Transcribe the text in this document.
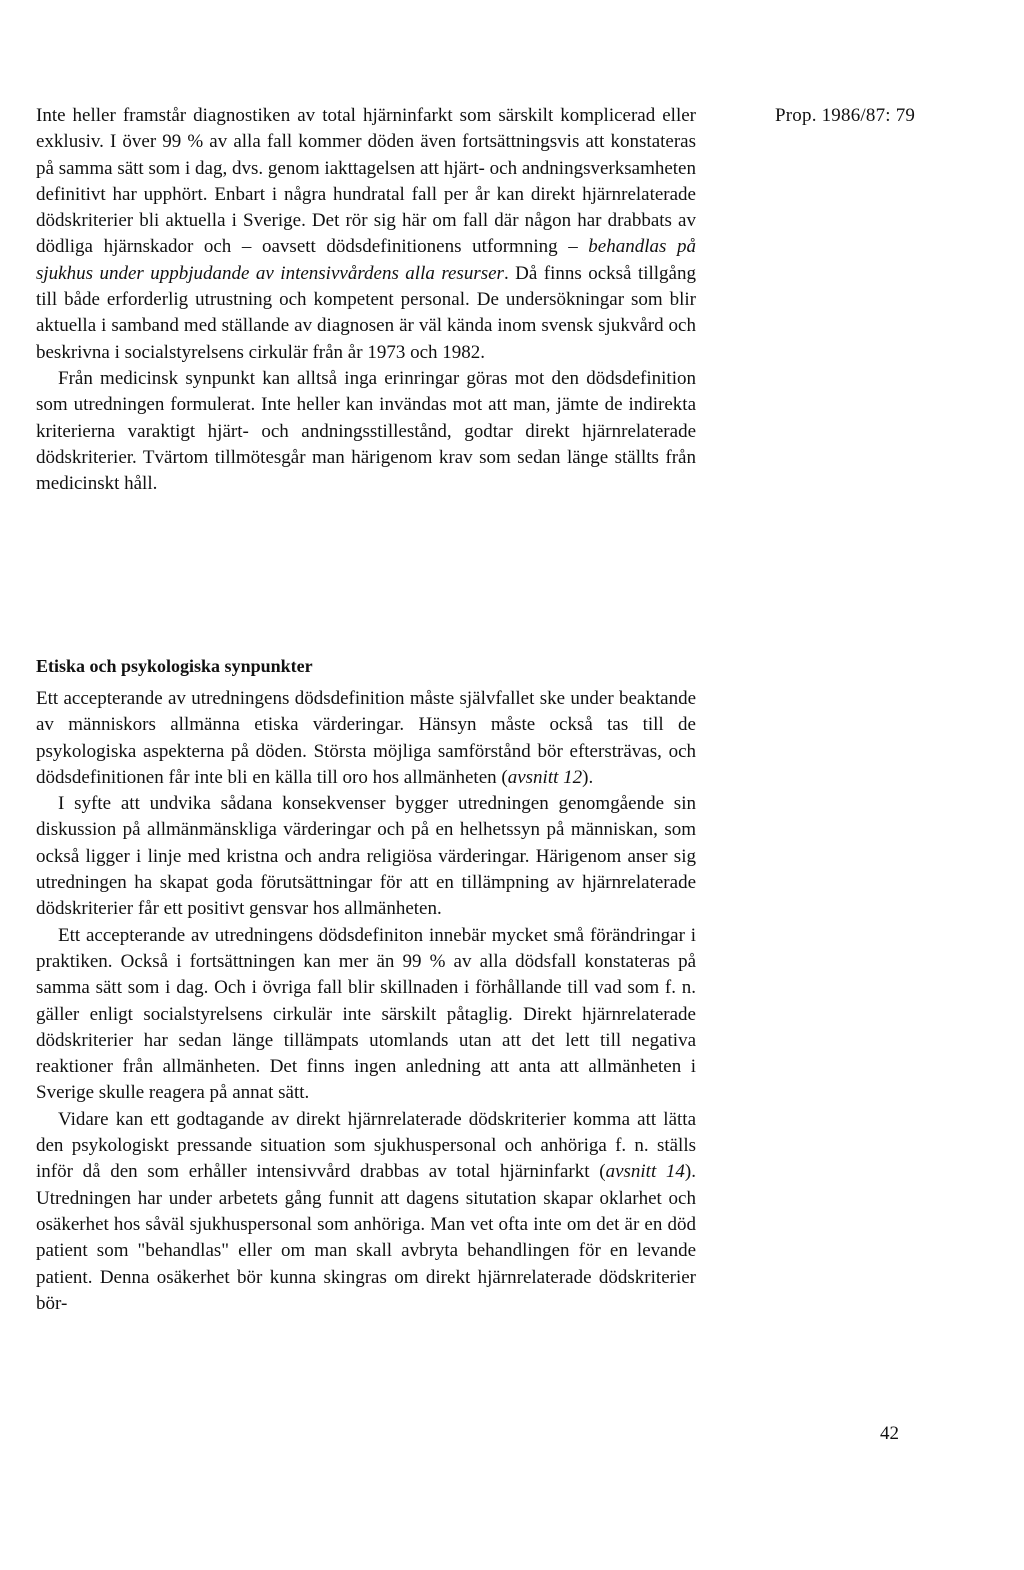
Prop. 1986/87: 79

Inte heller framstår diagnostiken av total hjärninfarkt som särskilt komplicerad eller exklusiv. I över 99 % av alla fall kommer döden även fortsättningsvis att konstateras på samma sätt som i dag, dvs. genom iakttagelsen att hjärt- och andningsverksamheten definitivt har upphört. Enbart i några hundratal fall per år kan direkt hjärnrelaterade dödskriterier bli aktuella i Sverige. Det rör sig här om fall där någon har drabbats av dödliga hjärnskador och – oavsett dödsdefinitionens utformning – behandlas på sjukhus under uppbjudande av intensivvårdens alla resurser. Då finns också tillgång till både erforderlig utrustning och kompetent personal. De undersökningar som blir aktuella i samband med ställande av diagnosen är väl kända inom svensk sjukvård och beskrivna i socialstyrelsens cirkulär från år 1973 och 1982.

Från medicinsk synpunkt kan alltså inga erinringar göras mot den dödsdefinition som utredningen formulerat. Inte heller kan invändas mot att man, jämte de indirekta kriterierna varaktigt hjärt- och andningsstillestånd, godtar direkt hjärnrelaterade dödskriterier. Tvärtom tillmötesgår man härigenom krav som sedan länge ställts från medicinskt håll.

Etiska och psykologiska synpunkter

Ett accepterande av utredningens dödsdefinition måste självfallet ske under beaktande av människors allmänna etiska värderingar. Hänsyn måste också tas till de psykologiska aspekterna på döden. Största möjliga samförstånd bör eftersträvas, och dödsdefinitionen får inte bli en källa till oro hos allmänheten (avsnitt 12).

I syfte att undvika sådana konsekvenser bygger utredningen genomgående sin diskussion på allmänmänskliga värderingar och på en helhetssyn på människan, som också ligger i linje med kristna och andra religiösa värderingar. Härigenom anser sig utredningen ha skapat goda förutsättningar för att en tillämpning av hjärnrelaterade dödskriterier får ett positivt gensvar hos allmänheten.

Ett accepterande av utredningens dödsdefiniton innebär mycket små förändringar i praktiken. Också i fortsättningen kan mer än 99 % av alla dödsfall konstateras på samma sätt som i dag. Och i övriga fall blir skillnaden i förhållande till vad som f. n. gäller enligt socialstyrelsens cirkulär inte särskilt påtaglig. Direkt hjärnrelaterade dödskriterier har sedan länge tillämpats utomlands utan att det lett till negativa reaktioner från allmänheten. Det finns ingen anledning att anta att allmänheten i Sverige skulle reagera på annat sätt.

Vidare kan ett godtagande av direkt hjärnrelaterade dödskriterier komma att lätta den psykologiskt pressande situation som sjukhuspersonal och anhöriga f. n. ställs inför då den som erhåller intensivvård drabbas av total hjärninfarkt (avsnitt 14). Utredningen har under arbetets gång funnit att dagens situtation skapar oklarhet och osäkerhet hos såväl sjukhuspersonal som anhöriga. Man vet ofta inte om det är en död patient som "behandlas" eller om man skall avbryta behandlingen för en levande patient. Denna osäkerhet bör kunna skingras om direkt hjärnrelaterade dödskriterier bör-

42
